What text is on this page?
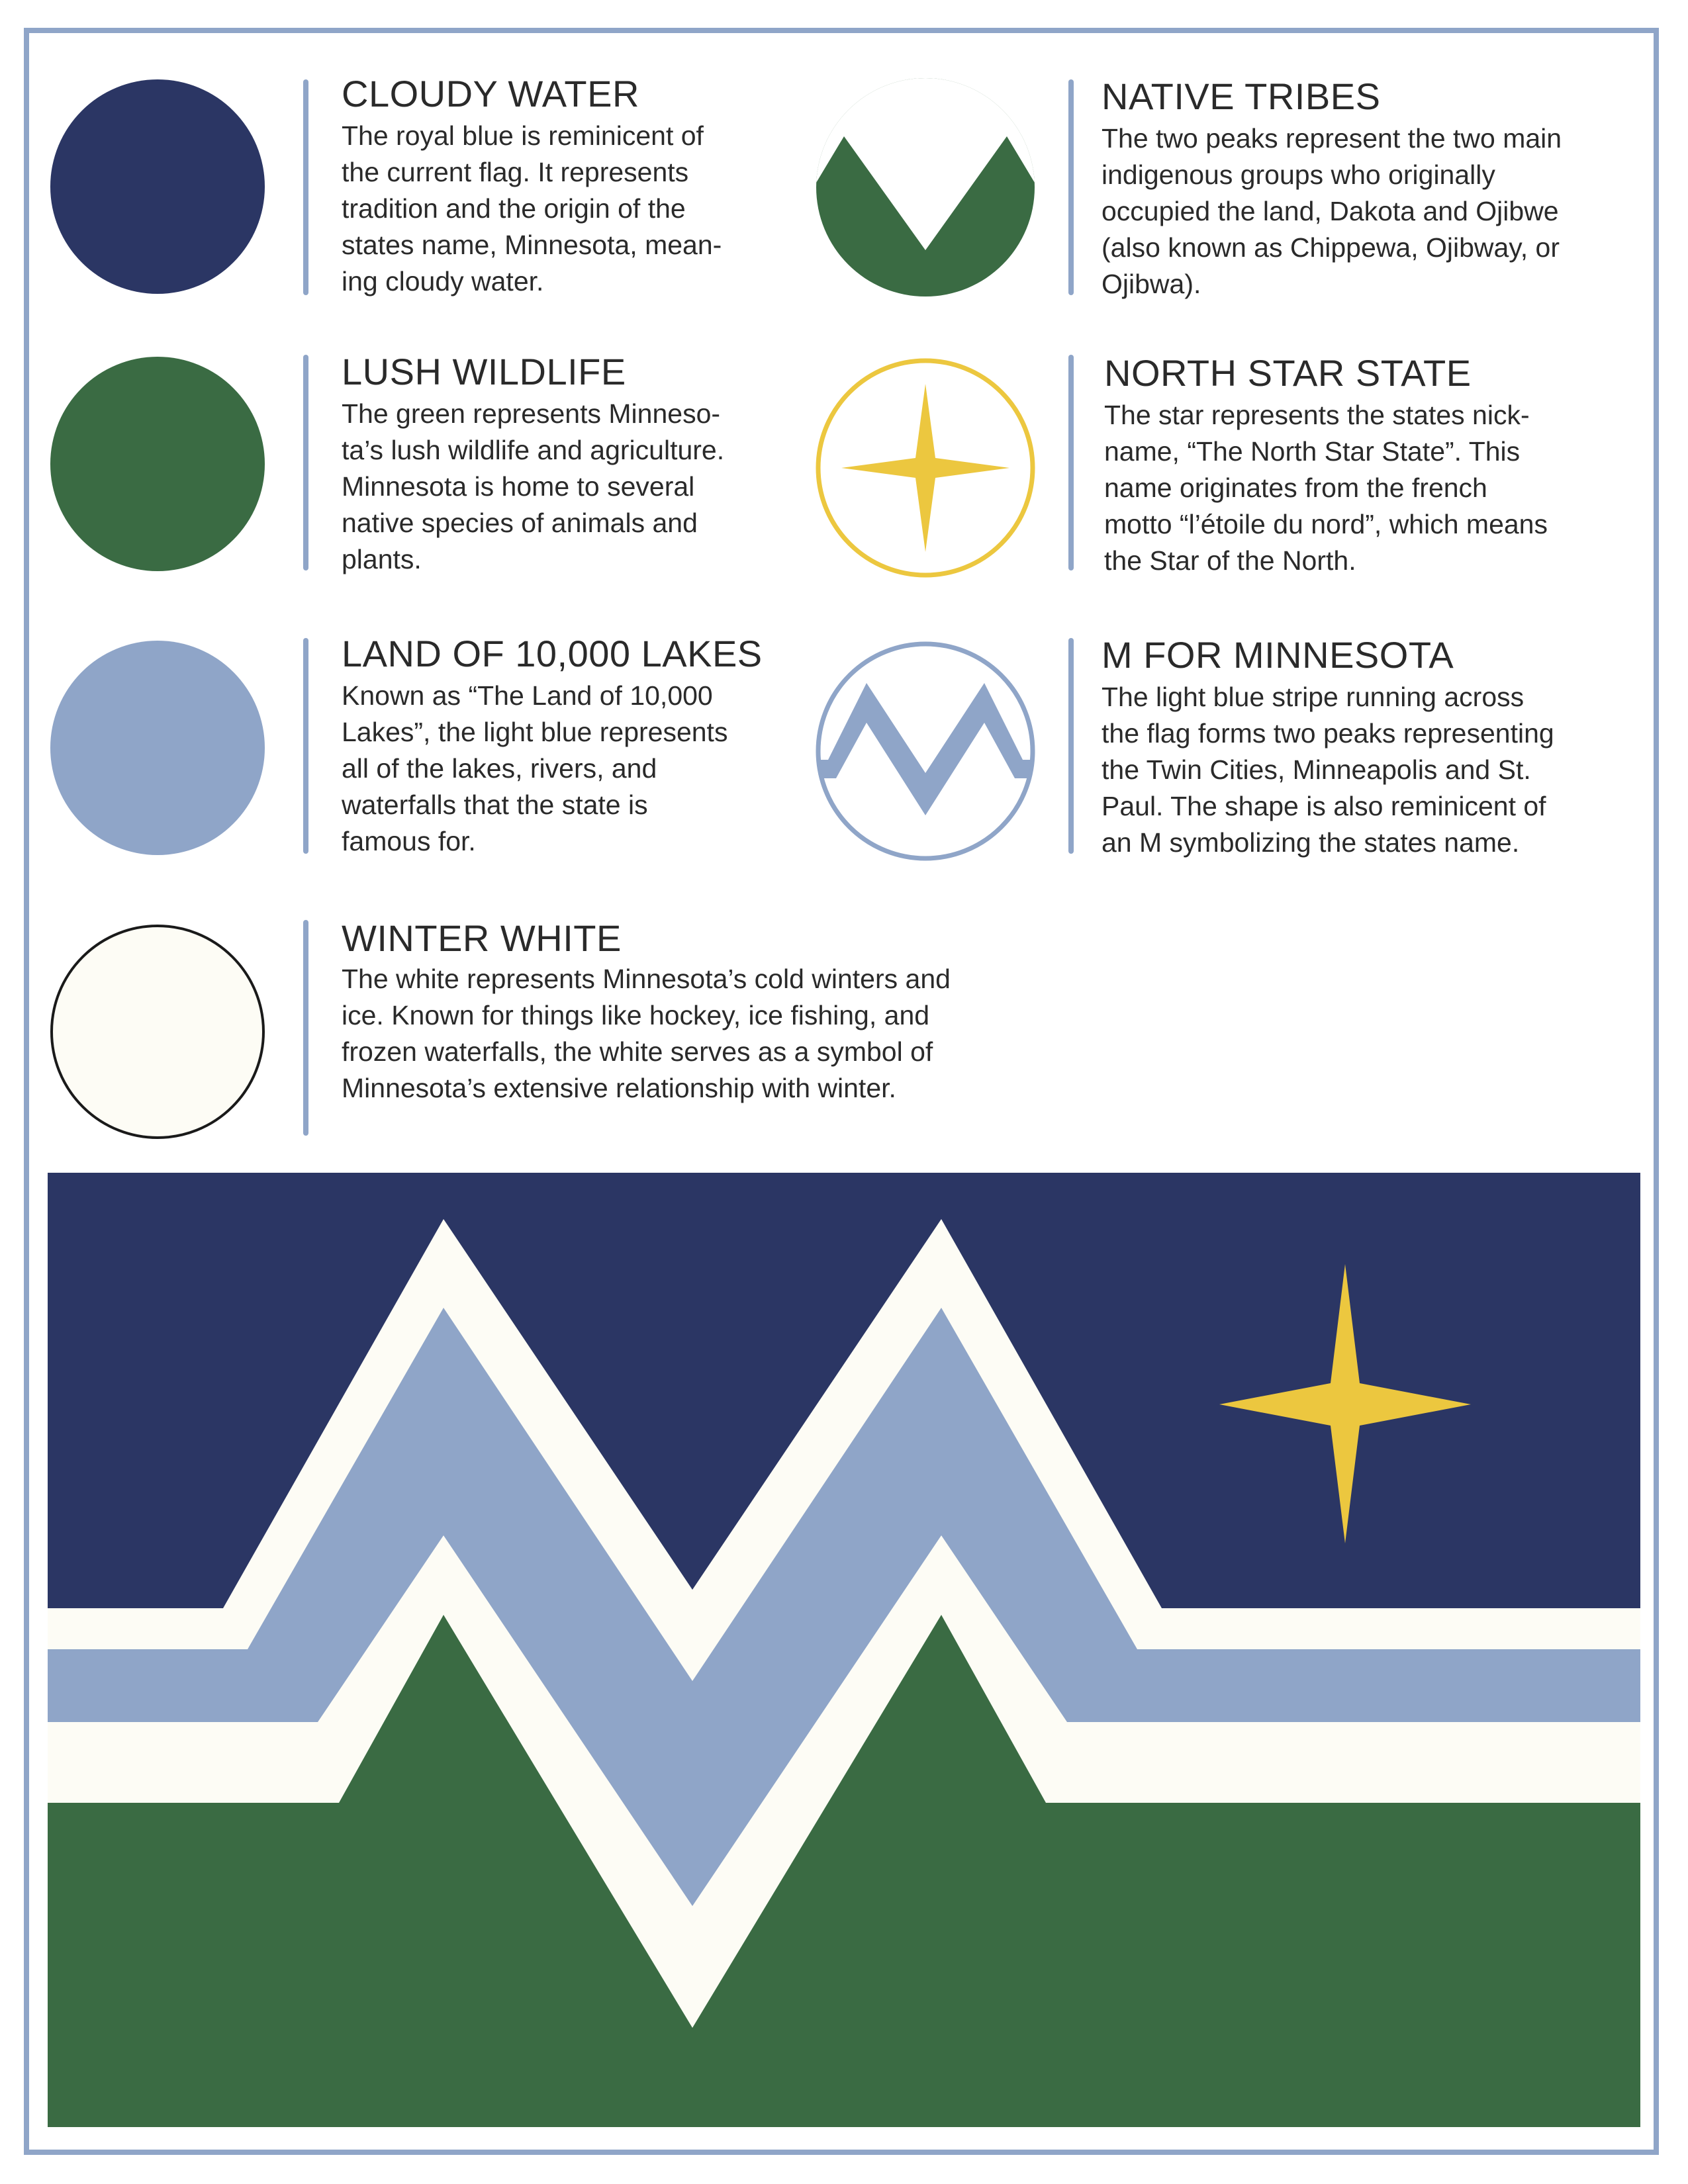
CLOUDY WATER

The royal blue is reminicent of
the current flag. It represents
tradition and the origin of the
states name, Minnesota, mean-
ing cloudy water.

LUSH WILDLIFE

The green represents Minneso-
ta’s lush wildlife and agriculture.
Minnesota is home to several
native species of animals and
plants.

LAND OF 10,000 LAKES

Known as “The Land of 10,000
Lakes”, the light blue represents
all of the lakes, rivers, and
waterfalls that the state is
famous for.

WINTER WHITE

The white represents Minnesota’s cold winters and
ice. Known for things like hockey, ice fishing, and
frozen waterfalls, the white serves as a symbol of
Minnesota’s extensive relationship with winter.

NATIVE TRIBES

The two peaks represent the two main
indigenous groups who originally
occupied the land, Dakota and Ojibwe
(also known as Chippewa, Ojibway, or
Ojibwa).

NORTH STAR STATE

The star represents the states nick-
name, “The North Star State”. This
name originates from the french
motto “l’étoile du nord”, which means
the Star of the North.

M FOR MINNESOTA

The light blue stripe running across
the flag forms two peaks representing
the Twin Cities, Minneapolis and St.
Paul. The shape is also reminicent of
an M symbolizing the states name.
